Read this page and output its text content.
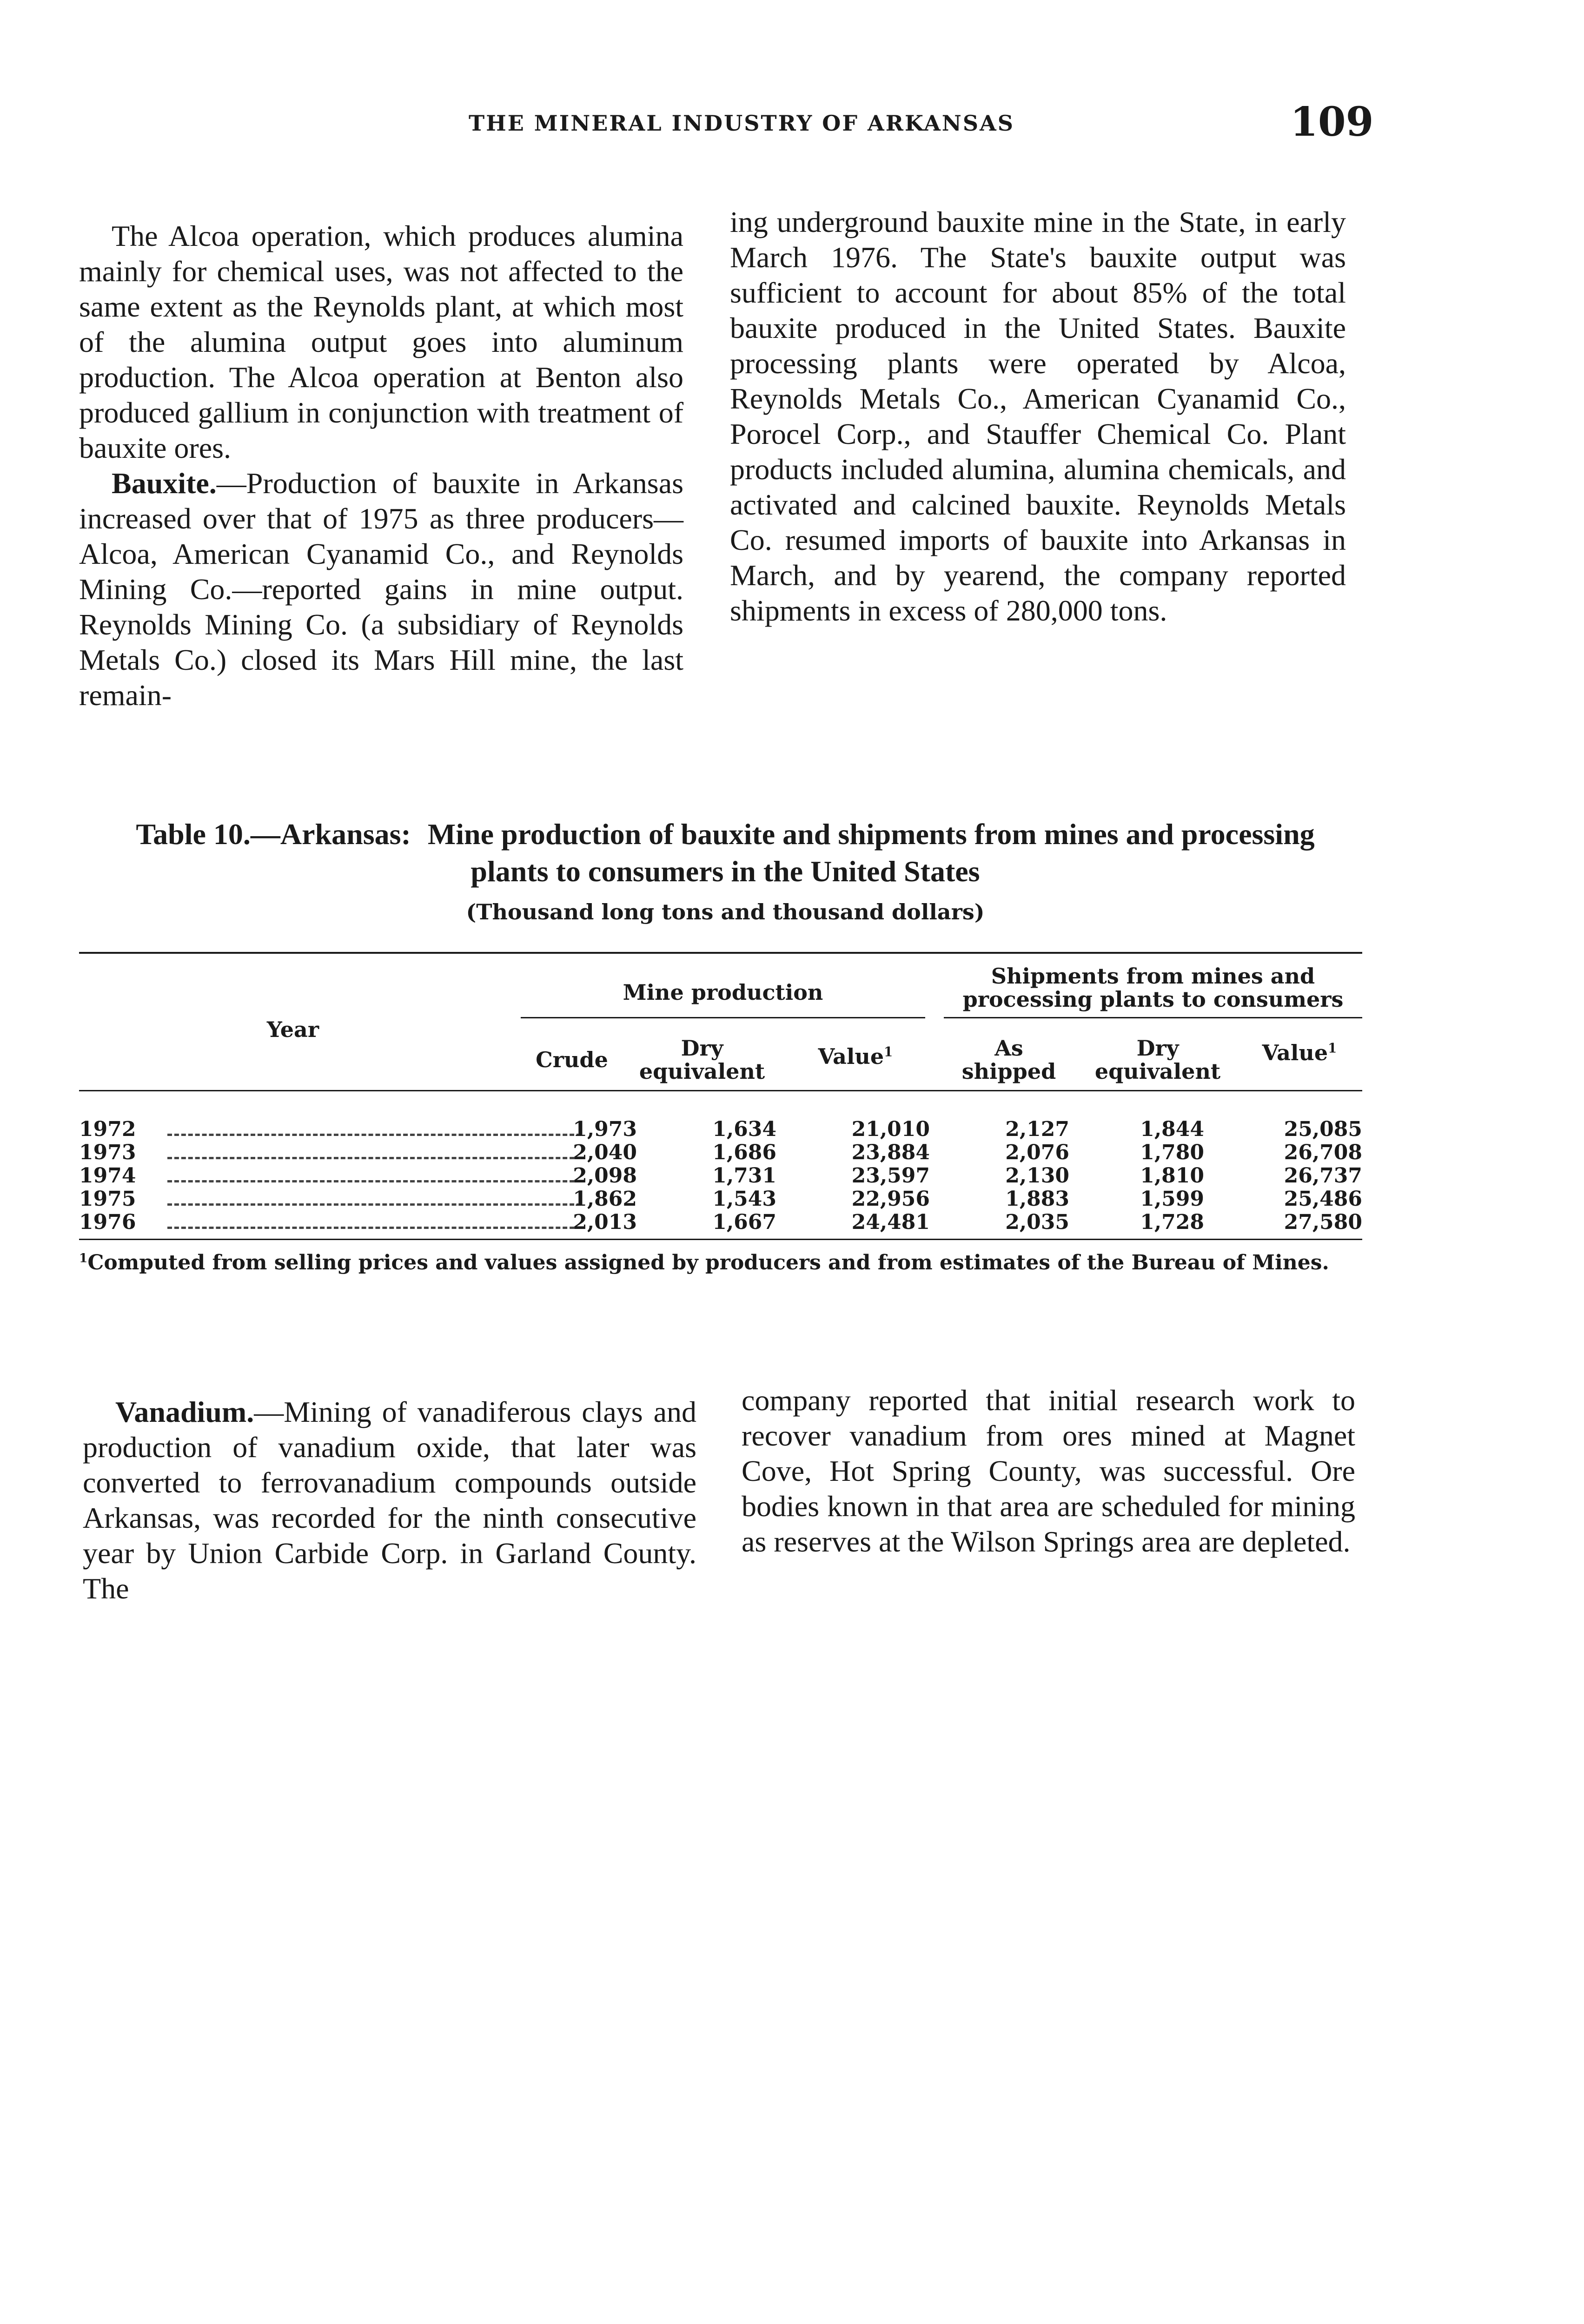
THE MINERAL INDUSTRY OF ARKANSAS	109

The Alcoa operation, which produces alumina mainly for chemical uses, was not affected to the same extent as the Reynolds plant, at which most of the alumina output goes into aluminum production. The Alcoa operation at Benton also produced gallium in conjunction with treatment of bauxite ores.

Bauxite.—Production of bauxite in Arkansas increased over that of 1975 as three producers—Alcoa, American Cyanamid Co., and Reynolds Mining Co.—reported gains in mine output. Reynolds Mining Co. (a subsidiary of Reynolds Metals Co.) closed its Mars Hill mine, the last remain-

ing underground bauxite mine in the State, in early March 1976. The State's bauxite output was sufficient to account for about 85% of the total bauxite produced in the United States. Bauxite processing plants were operated by Alcoa, Reynolds Metals Co., American Cyanamid Co., Porocel Corp., and Stauffer Chemical Co. Plant products included alumina, alumina chemicals, and activated and calcined bauxite. Reynolds Metals Co. resumed imports of bauxite into Arkansas in March, and by yearend, the company reported shipments in excess of 280,000 tons.

Table 10.—Arkansas: Mine production of bauxite and shipments from mines and processing plants to consumers in the United States
(Thousand long tons and thousand dollars)
Year
Mine production
Shipments from mines and processing plants to consumers
Crude	Dry equivalent
Value$^1$	As shipped
Dry equivalent
Value$^1$
1972	1,973	1,634	21,010	2,127	1,844	25,085
1973	2,040	1,686	23,884	2,076	1,780	26,708
1974	2,098	1,731	23,597	2,130	1,810	26,737
1975	1,862	1,543	22,956	1,883	1,599	25,486
1976	2,013	1,667	24,481	2,035	1,728	27,580
$^1$Computed from selling prices and values assigned by producers and from estimates of the Bureau of Mines.

Vanadium.—Mining of vanadiferous clays and production of vanadium oxide, that later was converted to ferrovanadium compounds outside Arkansas, was recorded for the ninth consecutive year by Union Carbide Corp. in Garland County. The

company reported that initial research work to recover vanadium from ores mined at Magnet Cove, Hot Spring County, was successful. Ore bodies known in that area are scheduled for mining as reserves at the Wilson Springs area are depleted.
